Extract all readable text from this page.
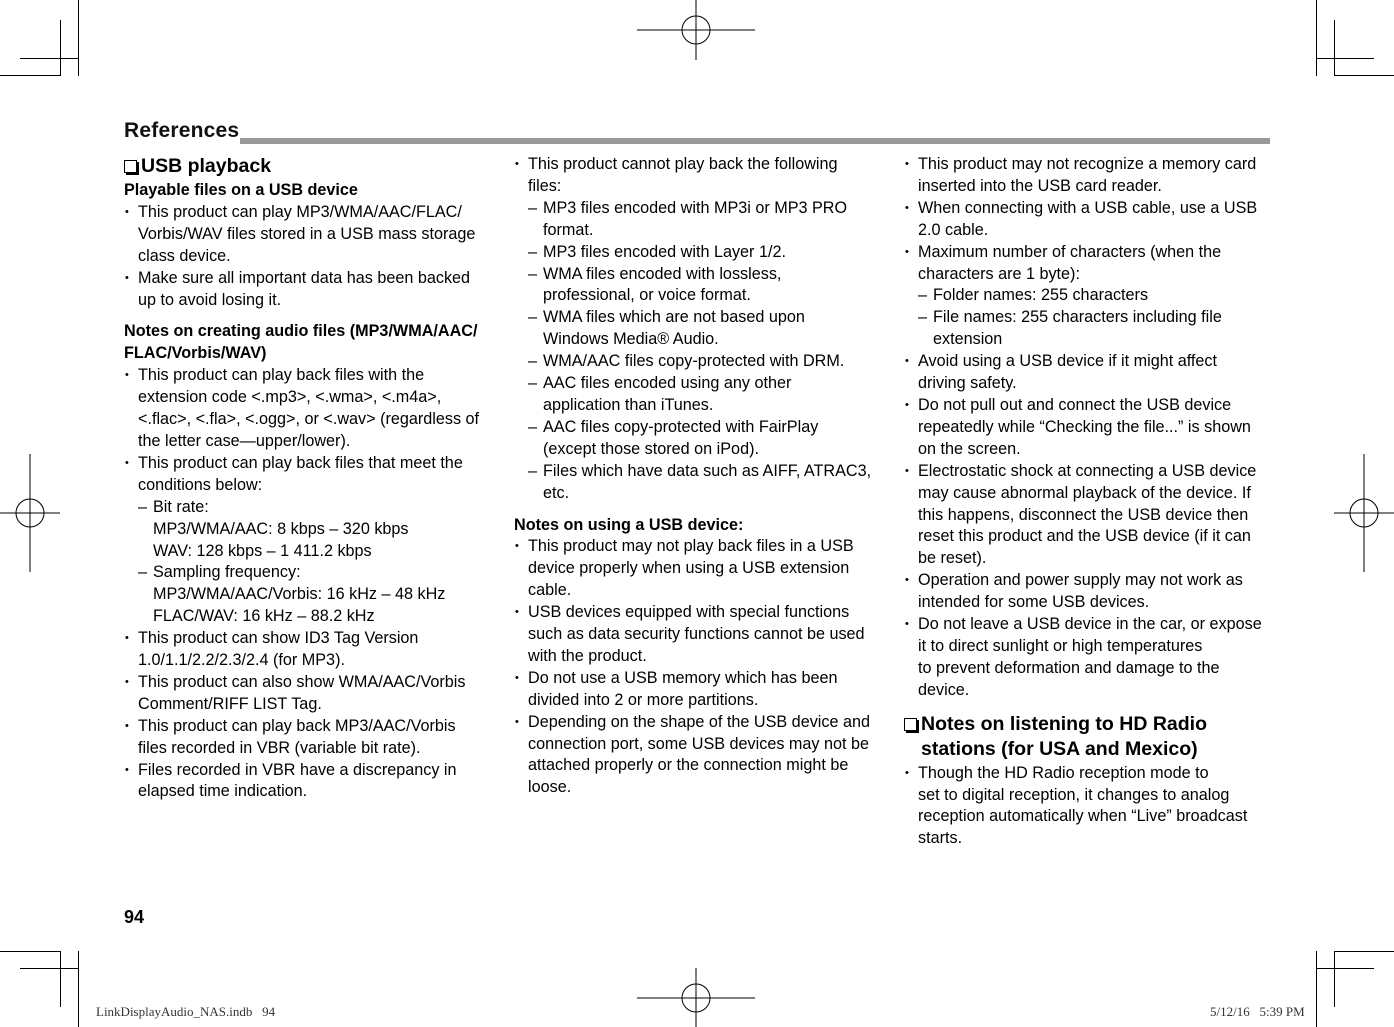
References
USB playback
Playable files on a USB device
• This product can play MP3/WMA/AAC/FLAC/
Vorbis/WAV files stored in a USB mass storage
class device.
• Make sure all important data has been backed
up to avoid losing it.
Notes on creating audio files (MP3/WMA/AAC/
FLAC/Vorbis/WAV)
• This product can play back files with the
extension code <.mp3>, <.wma>, <.m4a>,
<.flac>, <.fla>, <.ogg>, or <.wav> (regardless of
the letter case—upper/lower).
• This product can play back files that meet the
conditions below:
– Bit rate:
MP3/WMA/AAC: 8 kbps – 320 kbps
WAV: 128 kbps – 1 411.2 kbps
– Sampling frequency:
MP3/WMA/AAC/Vorbis: 16 kHz – 48 kHz
FLAC/WAV: 16 kHz – 88.2 kHz
• This product can show ID3 Tag Version
1.0/1.1/2.2/2.3/2.4 (for MP3).
• This product can also show WMA/AAC/Vorbis
Comment/RIFF LIST Tag.
• This product can play back MP3/AAC/Vorbis
files recorded in VBR (variable bit rate).
• Files recorded in VBR have a discrepancy in
elapsed time indication.
• This product cannot play back the following
files:
– MP3 files encoded with MP3i or MP3 PRO
format.
– MP3 files encoded with Layer 1/2.
– WMA files encoded with lossless,
professional, or voice format.
– WMA files which are not based upon
Windows Media® Audio.
– WMA/AAC files copy-protected with DRM.
– AAC files encoded using any other
application than iTunes.
– AAC files copy-protected with FairPlay
(except those stored on iPod).
– Files which have data such as AIFF, ATRAC3,
etc.
Notes on using a USB device:
• This product may not play back files in a USB
device properly when using a USB extension
cable.
• USB devices equipped with special functions
such as data security functions cannot be used
with the product.
• Do not use a USB memory which has been
divided into 2 or more partitions.
• Depending on the shape of the USB device and
connection port, some USB devices may not be
attached properly or the connection might be
loose.
• This product may not recognize a memory card
inserted into the USB card reader.
• When connecting with a USB cable, use a USB
2.0 cable.
• Maximum number of characters (when the
characters are 1 byte):
– Folder names: 255 characters
– File names: 255 characters including file
extension
• Avoid using a USB device if it might affect
driving safety.
• Do not pull out and connect the USB device
repeatedly while “Checking the file...” is shown
on the screen.
• Electrostatic shock at connecting a USB device
may cause abnormal playback of the device. If
this happens, disconnect the USB device then
reset this product and the USB device (if it can
be reset).
• Operation and power supply may not work as
intended for some USB devices.
• Do not leave a USB device in the car, or expose
it to direct sunlight or high temperatures
to prevent deformation and damage to the
device.
Notes on listening to HD Radio
stations (for USA and Mexico)
• Though the HD Radio reception mode to
set to digital reception, it changes to analog
reception automatically when “Live” broadcast
starts.
94
LinkDisplayAudio_NAS.indb   94	5/12/16   5:39 PM
